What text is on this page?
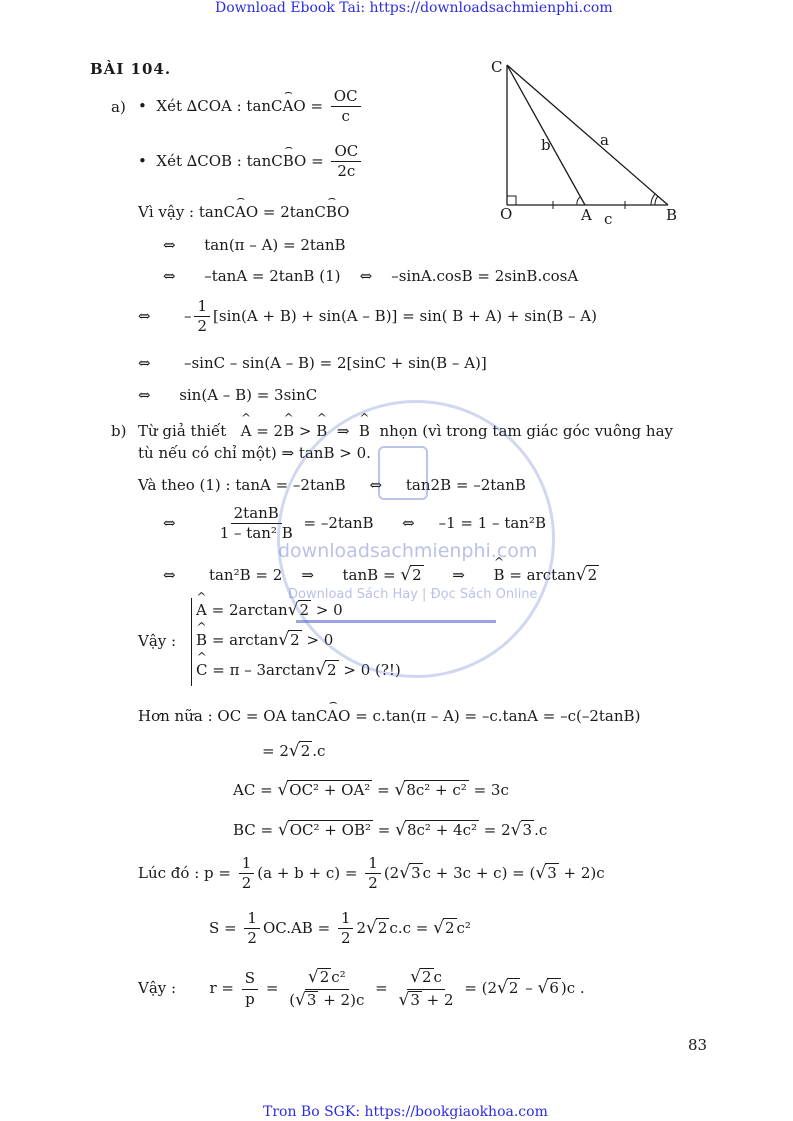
Download Ebook Tai: https://downloadsachmienphi.com
Tron Bo SGK: https://bookgiaokhoa.com
83
BÀI 104.	C
O	A	B
a
b
c
a) •  Xét ∆COA : tan⌢ CAO = $\frac{OC}{c}$
•  Xét ∆COB : tan⌢ CBO = $\frac{OC}{2c}$
Vì vậy : tan⌢ CAO = 2tan⌢ CBO
⇔ tan(π – A) = 2tanB
⇔ –tanA = 2tanB (1) ⇔ –sinA.cosB = 2sinB.cosA
⇔ – $\frac{1}{2} [\sin(A + B) + \sin(A - B)] = \sin$( B + A) + sin(B – A)
⇔ –sinC – sin(A – B) = 2[sinC + sin(B – A)]
⇔ sin(A – B) = 3sinC
b) Từ giả thiết   ^ A = 2^ B > ^ B  ⇒  ^ B nhọn (vì trong tam giác góc vuông hay
tù nếu có chỉ một) ⇒ tanB > 0.
Và theo (1) : tanA = –2tanB     ⇔     tan2B = –2tanB
⇔ $\frac{2\tan B}{\text{1 – tan² B}} = -2\tan B$      ⇔     –1 = 1 – tan²B
⇔       tan²B = 2    ⇒      tanB = √2      ⇒      ^ B = arctan√2
Vậy :
^ A = 2arctan√2 > 0
^ B = arctan√2 > 0
^ C = π – 3arctan√2 > 0 (?!)
Hơn nữa : OC = OA tan⌢ CAO = c.tan(π – A) = –c.tanA = –c(–2tanB)
= 2√2 .c
AC = √OC² + OA² = √8c² + c² = 3c
BC = √OC² + OB² = √8c² + 4c² = 2√3 .c
Lúc đó : $p = \frac{1}{2} (a + b + c) = \frac{1}{2} (2√3$ c + 3c + c) = (√3 + 2)c
$S = \frac{1}{2} OC.AB = \frac{1}{2} 2√2$ c.c = √2 c²
Vậy : $r = \frac{S}{p} = \frac{\text{√2 c²}}{(√3 + 2)c} = \frac{√2 c}{√3 + 2} = (2√2 - √6$ )c .
downloadsachmienphi.com
Download Sách Hay | Đọc Sách Online
